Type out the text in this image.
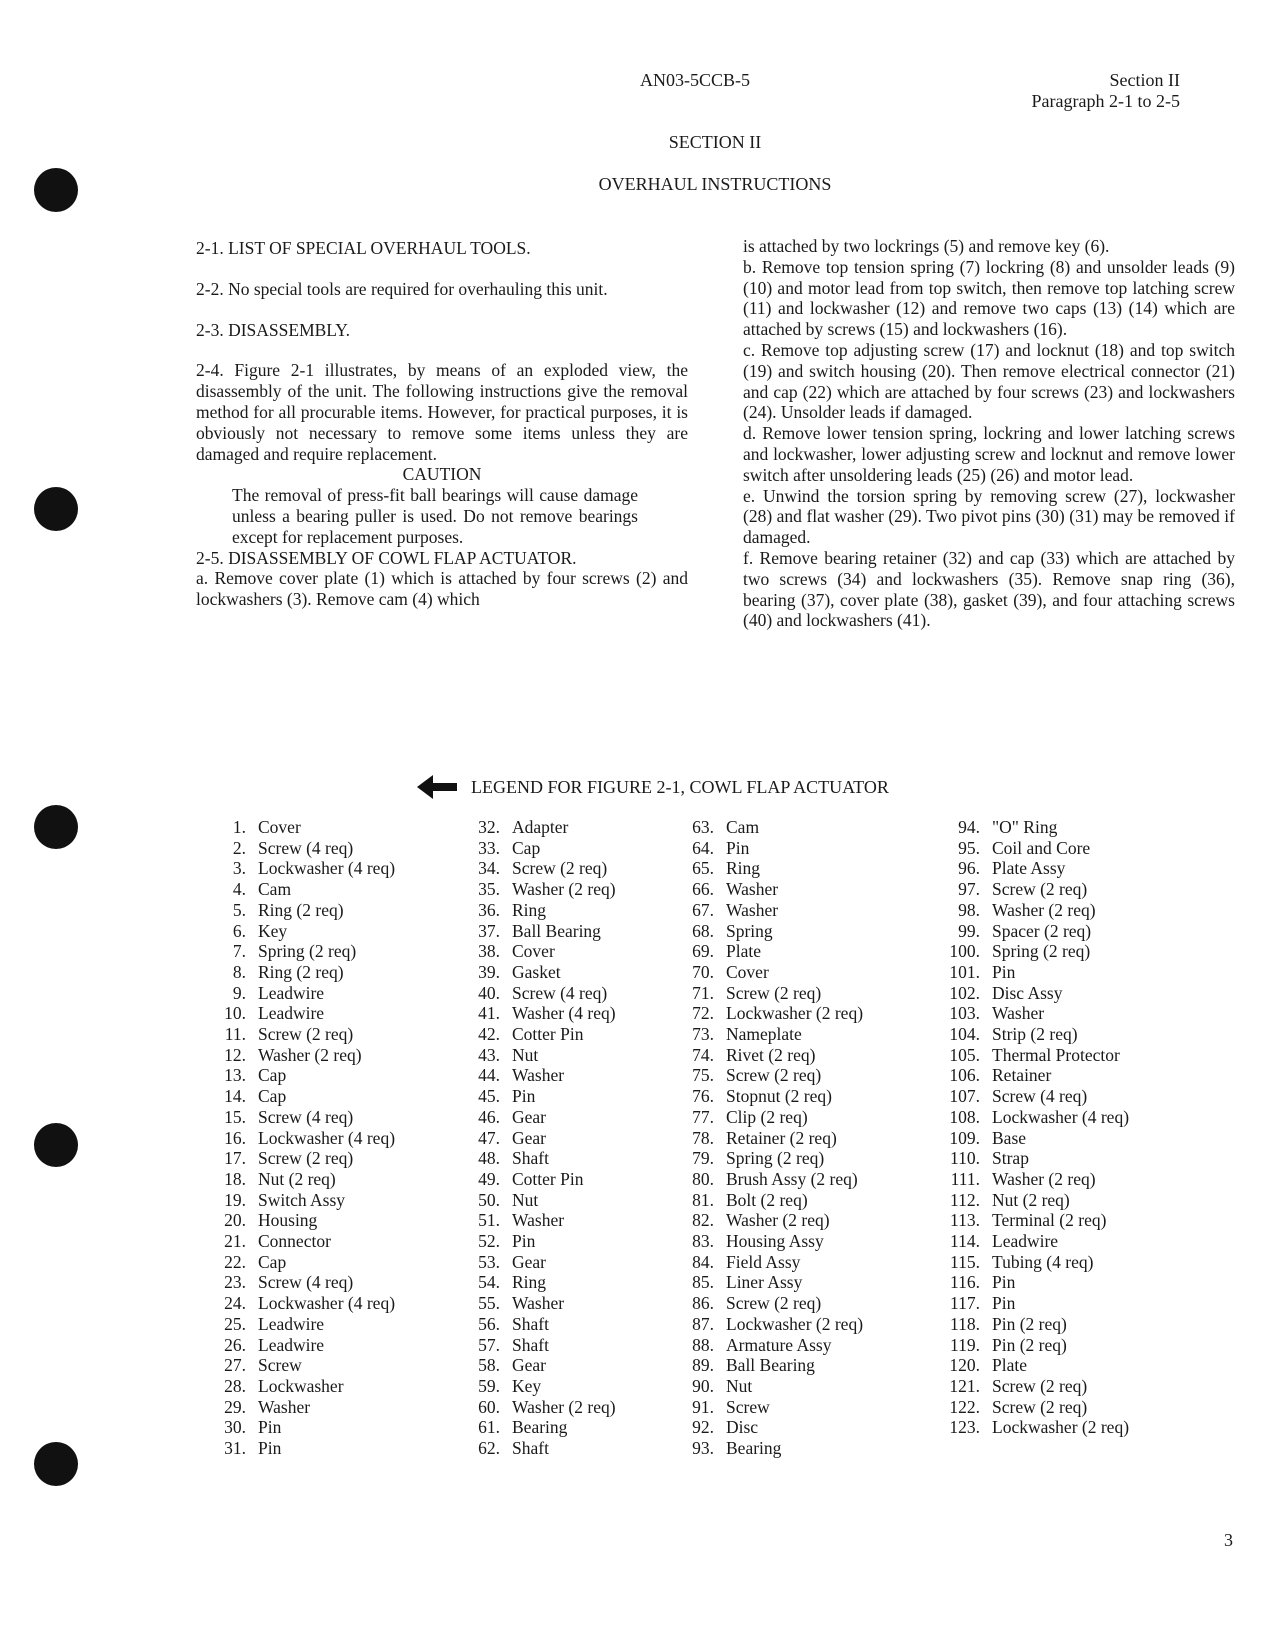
AN03-5CCB-5	Section II
Paragraph 2-1 to 2-5
SECTION II
OVERHAUL INSTRUCTIONS

2-1. LIST OF SPECIAL OVERHAUL TOOLS.

2-2. No special tools are required for overhauling this unit.

2-3. DISASSEMBLY.

2-4. Figure 2-1 illustrates, by means of an exploded view, the disassembly of the unit. The following instructions give the removal method for all procurable items. However, for practical purposes, it is obviously not necessary to remove some items unless they are damaged and require replacement.

CAUTION

The removal of press-fit ball bearings will cause damage unless a bearing puller is used. Do not remove bearings except for replacement purposes.

2-5. DISASSEMBLY OF COWL FLAP ACTUATOR.

a. Remove cover plate (1) which is attached by four screws (2) and lockwashers (3). Remove cam (4) which

is attached by two lockrings (5) and remove key (6).

b. Remove top tension spring (7) lockring (8) and unsolder leads (9) (10) and motor lead from top switch, then remove top latching screw (11) and lockwasher (12) and remove two caps (13) (14) which are attached by screws (15) and lockwashers (16).

c. Remove top adjusting screw (17) and locknut (18) and top switch (19) and switch housing (20). Then remove electrical connector (21) and cap (22) which are attached by four screws (23) and lockwashers (24). Unsolder leads if damaged.

d. Remove lower tension spring, lockring and lower latching screws and lockwasher, lower adjusting screw and locknut and remove lower switch after unsoldering leads (25) (26) and motor lead.

e. Unwind the torsion spring by removing screw (27), lockwasher (28) and flat washer (29). Two pivot pins (30) (31) may be removed if damaged.

f. Remove bearing retainer (32) and cap (33) which are attached by two screws (34) and lockwashers (35). Remove snap ring (36), bearing (37), cover plate (38), gasket (39), and four attaching screws (40) and lockwashers (41).

LEGEND FOR FIGURE 2-1, COWL FLAP ACTUATOR
1. Cover
2. Screw (4 req)
3. Lockwasher (4 req)
4. Cam
5. Ring (2 req)
6. Key
7. Spring (2 req)
8. Ring (2 req)
9. Leadwire
10. Leadwire
11. Screw (2 req)
12. Washer (2 req)
13. Cap
14. Cap
15. Screw (4 req)
16. Lockwasher (4 req)
17. Screw (2 req)
18. Nut (2 req)
19. Switch Assy
20. Housing
21. Connector
22. Cap
23. Screw (4 req)
24. Lockwasher (4 req)
25. Leadwire
26. Leadwire
27. Screw
28. Lockwasher
29. Washer
30. Pin
31. Pin
32. Adapter
33. Cap
34. Screw (2 req)
35. Washer (2 req)
36. Ring
37. Ball Bearing
38. Cover
39. Gasket
40. Screw (4 req)
41. Washer (4 req)
42. Cotter Pin
43. Nut
44. Washer
45. Pin
46. Gear
47. Gear
48. Shaft
49. Cotter Pin
50. Nut
51. Washer
52. Pin
53. Gear
54. Ring
55. Washer
56. Shaft
57. Shaft
58. Gear
59. Key
60. Washer (2 req)
61. Bearing
62. Shaft
63. Cam
64. Pin
65. Ring
66. Washer
67. Washer
68. Spring
69. Plate
70. Cover
71. Screw (2 req)
72. Lockwasher (2 req)
73. Nameplate
74. Rivet (2 req)
75. Screw (2 req)
76. Stopnut (2 req)
77. Clip (2 req)
78. Retainer (2 req)
79. Spring (2 req)
80. Brush Assy (2 req)
81. Bolt (2 req)
82. Washer (2 req)
83. Housing Assy
84. Field Assy
85. Liner Assy
86. Screw (2 req)
87. Lockwasher (2 req)
88. Armature Assy
89. Ball Bearing
90. Nut
91. Screw
92. Disc
93. Bearing
94. "O" Ring
95. Coil and Core
96. Plate Assy
97. Screw (2 req)
98. Washer (2 req)
99. Spacer (2 req)
100. Spring (2 req)
101. Pin
102. Disc Assy
103. Washer
104. Strip (2 req)
105. Thermal Protector
106. Retainer
107. Screw (4 req)
108. Lockwasher (4 req)
109. Base
110. Strap
111. Washer (2 req)
112. Nut (2 req)
113. Terminal (2 req)
114. Leadwire
115. Tubing (4 req)
116. Pin
117. Pin
118. Pin (2 req)
119. Pin (2 req)
120. Plate
121. Screw (2 req)
122. Screw (2 req)
123. Lockwasher (2 req)
3
